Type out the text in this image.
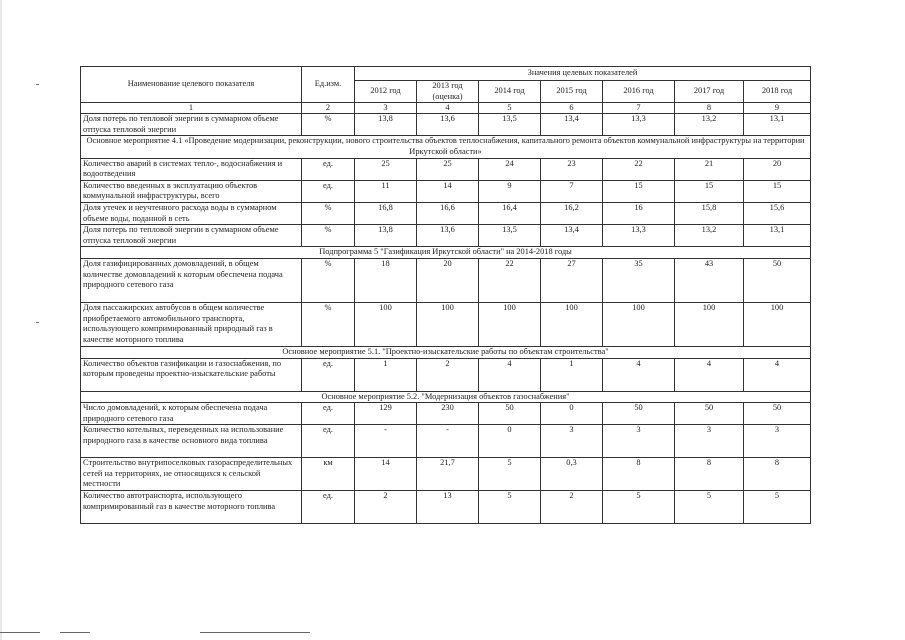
Наименование целевого показателя	Ед.изм.	Значения целевых показателей						
		2012 год	2013 год (оценка)	2014 год	2015 год	2016 год	2017 год	2018 год
1	2	3	4	5	6	7	8	9
Доля потерь по тепловой энергии в суммарном объеме отпуска тепловой энергии	%	13,8	13,6	13,5	13,4	13,3	13,2	13,1
Основное мероприятие 4.1 «Проведение модернизации, реконструкции, нового строительства объектов теплоснабжения, капитального ремонта объектов коммунальной инфраструктуры на территории Иркутской области»								
Количество аварий в системах тепло-, водоснабжения и водоотведения	ед.	25	25	24	23	22	21	20
Количество введенных в эксплуатацию объектов коммунальной инфраструктуры, всего	ед.	11	14	9	7	15	15	15
Доля утечек и неучтенного расхода воды в суммарном объеме воды, поданной в сеть	%	16,8	16,6	16,4	16,2	16	15,8	15,6
Доля потерь по тепловой энергии в суммарном объеме отпуска тепловой энергии	%	13,8	13,6	13,5	13,4	13,3	13,2	13,1
Подпрограмма 5 "Газификация Иркутской области" на 2014-2018 годы								
Доля газифицированных домовладений, в общем количестве домовладений к которым обеспечена подача природного сетевого газа	%	18	20	22	27	35	43	50
Доля пассажирских автобусов в общем количестве приобретаемого автомобильного транспорта, использующего компримированный природный газ в качестве моторного топлива	%	100	100	100	100	100	100	100
Основное мероприятие 5.1. "Проектно-изыскательские работы по объектам строительства"								
Количество объектов газификации и газоснабжения, по которым проведены проектно-изыскательские работы	ед.	1	2	4	1	4	4	4
Основное мероприятие 5.2. "Модернизация объектов газоснабжения"								
Число домовладений, к которым обеспечена подача природного сетевого газа	ед.	129	230	50	0	50	50	50
Количество котельных, переведенных на использование природного газа в качестве основного вида топлива	ед.	-	-	0	3	3	3	3
Строительство внутрипоселковых газораспределительных сетей на территориях, не относящихся к сельской местности	км	14	21,7	5	0,3	8	8	8
Количество автотранспорта, использующего компримированный газ в качестве моторного топлива	ед.	2	13	5	2	5	5	5
